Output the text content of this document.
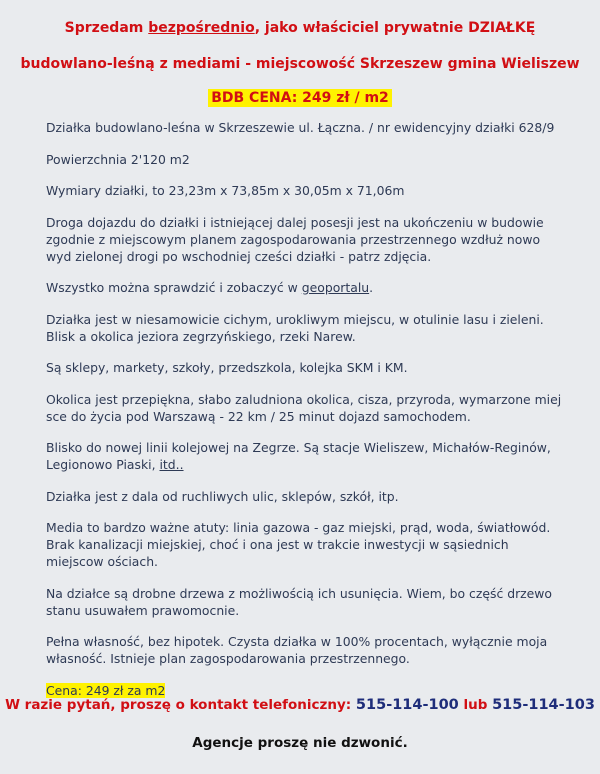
Sprzedam bezpośrednio, jako właściciel prywatnie DZIAŁKĘ

budowlano-leśną z mediami - miejscowość Skrzeszew gmina Wieliszew

BDB CENA: 249 zł / m2

Działka budowlano-leśna w Skrzeszewie ul. Łączna. / nr ewidencyjny działki 628/9

Powierzchnia 2'120 m2

Wymiary działki, to 23,23m x 73,85m x 30,05m x 71,06m

Droga dojazdu do działki i istniejącej dalej posesji jest na ukończeniu w budowie zgodnie z miejscowym planem zagospodarowania przestrzennego wzdłuż nowo wyd zielonej drogi po wschodniej cześci działki - patrz zdjęcia.

Wszystko można sprawdzić i zobaczyć w geoportalu.

Działka jest w niesamowicie cichym, urokliwym miejscu, w otulinie lasu i zieleni. Blisk a okolica jeziora zegrzyńskiego, rzeki Narew.

Są sklepy, markety, szkoły, przedszkola, kolejka SKM i KM.

Okolica jest przepiękna, słabo zaludniona okolica, cisza, przyroda, wymarzone miej sce do życia pod Warszawą - 22 km / 25 minut dojazd samochodem.

Blisko do nowej linii kolejowej na Zegrze. Są stacje Wieliszew, Michałów-Reginów, Legionowo Piaski, itd..

Działka jest z dala od ruchliwych ulic, sklepów, szkół, itp.

Media to bardzo ważne atuty: linia gazowa - gaz miejski, prąd, woda, światłowód. Brak kanalizacji miejskiej, choć i ona jest w trakcie inwestycji w sąsiednich miejscow ościach.

Na działce są drobne drzewa z możliwością ich usunięcia. Wiem, bo część drzewo stanu usuwałem prawomocnie.

Pełna własność, bez hipotek. Czysta działka w 100% procentach, wyłącznie moja własność. Istnieje plan zagospodarowania przestrzennego.

Cena: 249 zł za m2

W razie pytań, proszę o kontakt telefoniczny: 515-114-100 lub 515-114-103
Agencje proszę nie dzwonić.
